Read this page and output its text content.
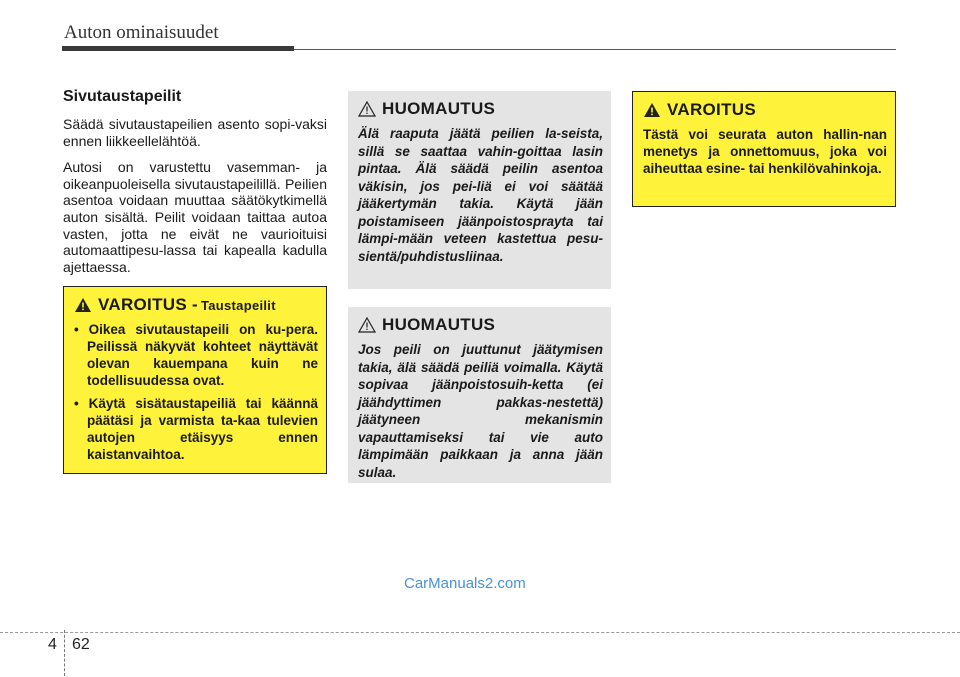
Auton ominaisuudet
Sivutaustapeilit

Säädä sivutaustapeilien asento sopi-vaksi ennen liikkeellelähtöä.

Autosi on varustettu vasemman- ja oikeanpuoleisella sivutaustapeilillä. Peilien asentoa voidaan muuttaa säätökytkimellä auton sisältä. Peilit voidaan taittaa autoa vasten, jotta ne eivät ne vaurioituisi automaattipesu-lassa tai kapealla kadulla ajettaessa.

VAROITUS - Taustapeilit
• Oikea sivutaustapeili on ku-pera. Peilissä näkyvät kohteet näyttävät olevan kauempana kuin ne todellisuudessa ovat.
• Käytä sisätaustapeiliä tai käännä päätäsi ja varmista ta-kaa tulevien autojen etäisyys ennen kaistanvaihtoa.
HUOMAUTUS

Älä raaputa jäätä peilien la-seista, sillä se saattaa vahin-goittaa lasin pintaa. Älä säädä peilin asentoa väkisin, jos pei-liä ei voi säätää jääkertymän takia. Käytä jään poistamiseen jäänpoistosprayta tai lämpi-mään veteen kastettua pesu-sientä/puhdistusliinaa.

HUOMAUTUS

Jos peili on juuttunut jäätymisen takia, älä säädä peiliä voimalla. Käytä sopivaa jäänpoistosuih-ketta (ei jäähdyttimen pakkas-nestettä) jäätyneen mekanismin vapauttamiseksi tai vie auto lämpimään paikkaan ja anna jään sulaa.

VAROITUS

Tästä voi seurata auton hallin-nan menetys ja onnettomuus, joka voi aiheuttaa esine- tai henkilövahinkoja.

CarManuals2.com
4 62
